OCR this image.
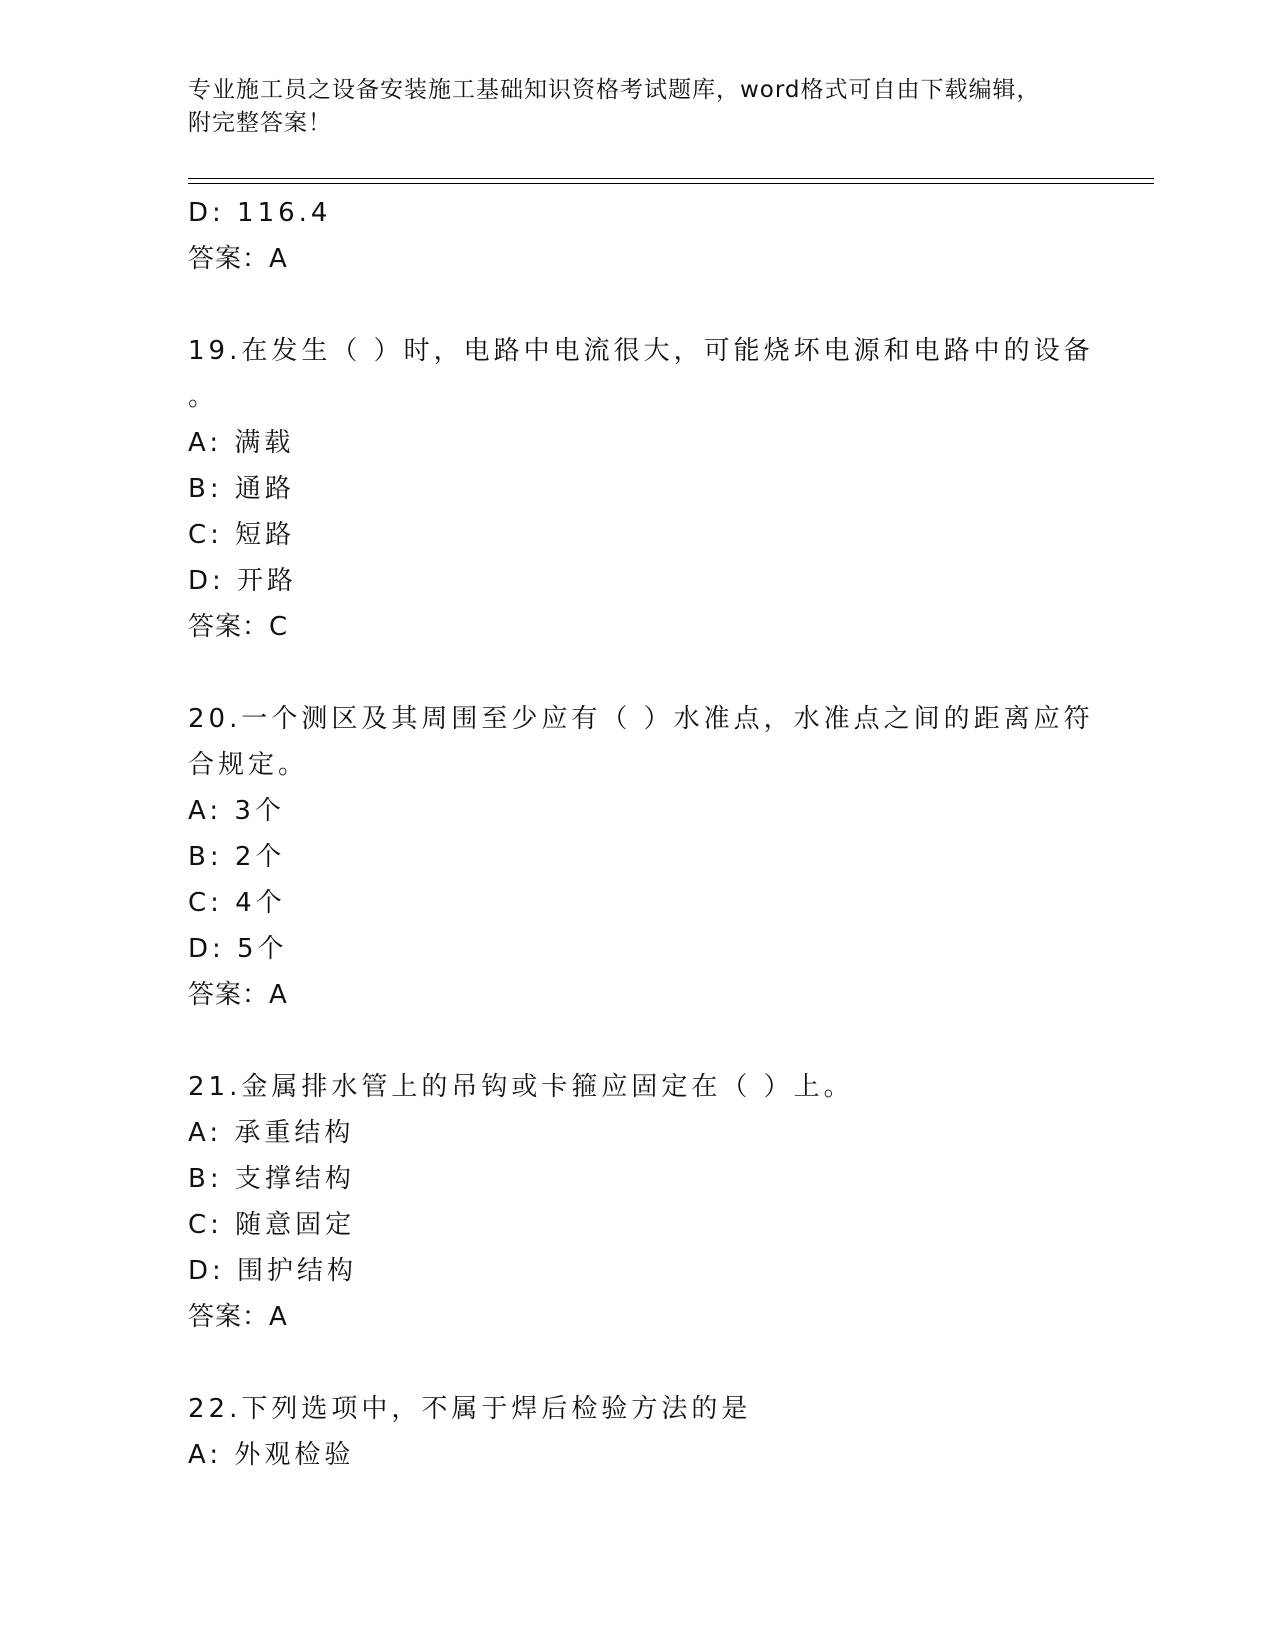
专业施工员之设备安装施工基础知识资格考试题库，word格式可自由下载编辑，
附完整答案！
D: 116.4
答案：A
19.在发生（ ）时，电路中电流很大，可能烧坏电源和电路中的设备
。
A: 满载
B: 通路
C: 短路
D: 开路
答案：C
20.一个测区及其周围至少应有（ ）水准点，水准点之间的距离应符
合规定。
A: 3个
B: 2个
C: 4个
D: 5个
答案：A
21.金属排水管上的吊钩或卡箍应固定在（ ）上。
A: 承重结构
B: 支撑结构
C: 随意固定
D: 围护结构
答案：A
22.下列选项中，不属于焊后检验方法的是
A: 外观检验
